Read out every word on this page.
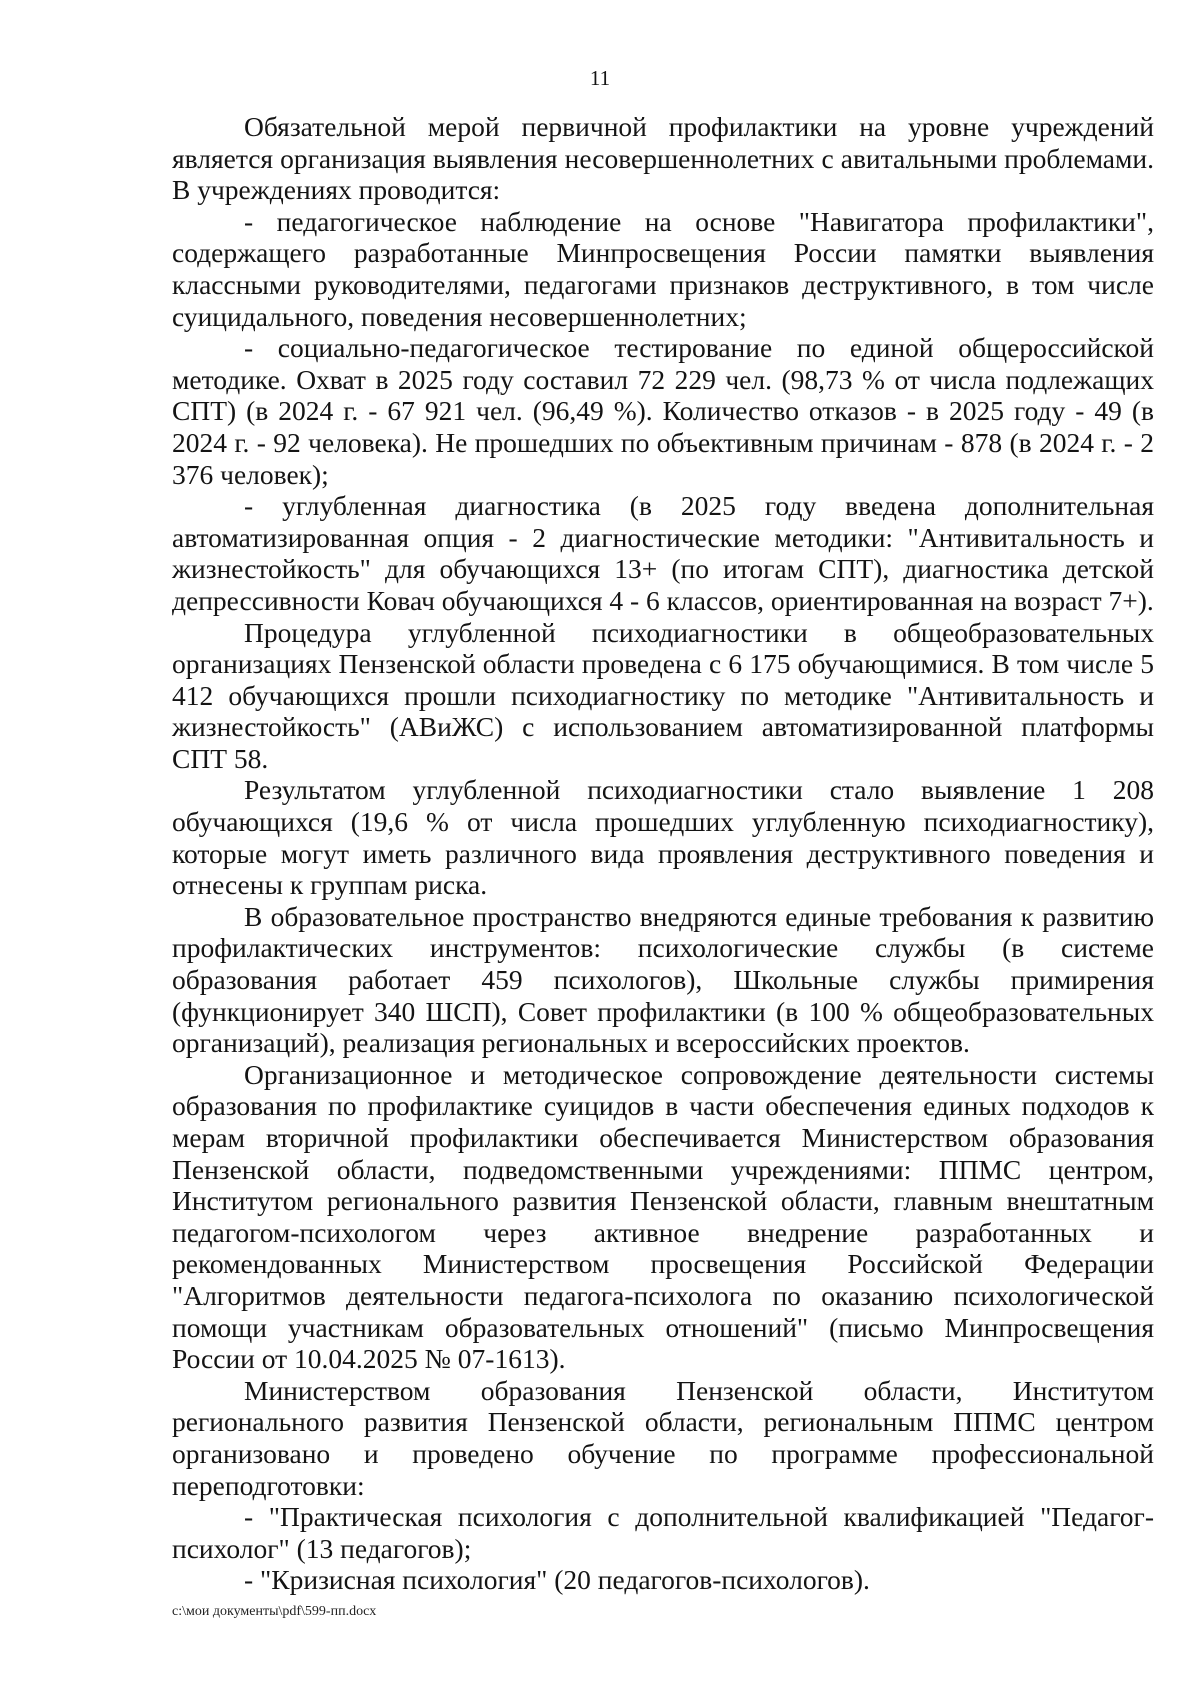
11

Обязательной мерой первичной профилактики на уровне учреждений является организация выявления несовершеннолетних с авитальными проблемами. В учреждениях проводится:

- педагогическое наблюдение на основе "Навигатора профилактики", содержащего разработанные Минпросвещения России памятки выявления классными руководителями, педагогами признаков деструктивного, в том числе суицидального, поведения несовершеннолетних;

- социально-педагогическое тестирование по единой общероссийской методике. Охват в 2025 году составил 72 229 чел. (98,73 % от числа подлежащих СПТ) (в 2024 г. - 67 921 чел. (96,49 %). Количество отказов - в 2025 году - 49 (в 2024 г. - 92 человека). Не прошедших по объективным причинам - 878 (в 2024 г. - 2 376 человек);

- углубленная диагностика (в 2025 году введена дополнительная автоматизированная опция - 2 диагностические методики: "Антивитальность и жизнестойкость" для обучающихся 13+ (по итогам СПТ), диагностика детской депрессивности Ковач обучающихся 4 - 6 классов, ориентированная на возраст 7+).

Процедура углубленной психодиагностики в общеобразовательных организациях Пензенской области проведена с 6 175 обучающимися. В том числе 5 412 обучающихся прошли психодиагностику по методике "Антивитальность и жизнестойкость" (АВиЖС) с использованием автоматизированной платформы СПТ 58.

Результатом углубленной психодиагностики стало выявление 1 208 обучающихся (19,6 % от числа прошедших углубленную психодиагностику), которые могут иметь различного вида проявления деструктивного поведения и отнесены к группам риска.

В образовательное пространство внедряются единые требования к развитию профилактических инструментов: психологические службы (в системе образования работает 459 психологов), Школьные службы примирения (функционирует 340 ШСП), Совет профилактики (в 100 % общеобразовательных организаций), реализация региональных и всероссийских проектов.

Организационное и методическое сопровождение деятельности системы образования по профилактике суицидов в части обеспечения единых подходов к мерам вторичной профилактики обеспечивается Министерством образования Пензенской области, подведомственными учреждениями: ППМС центром, Институтом регионального развития Пензенской области, главным внештатным педагогом-психологом через активное внедрение разработанных и рекомендованных Министерством просвещения Российской Федерации "Алгоритмов деятельности педагога-психолога по оказанию психологической помощи участникам образовательных отношений" (письмо Минпросвещения России от 10.04.2025 № 07-1613).

Министерством образования Пензенской области, Институтом регионального развития Пензенской области, региональным ППМС центром организовано и проведено обучение по программе профессиональной переподготовки:

- "Практическая психология с дополнительной квалификацией "Педагог-психолог" (13 педагогов);

- "Кризисная психология" (20 педагогов-психологов).

c:\мои документы\pdf\599-пп.docx
